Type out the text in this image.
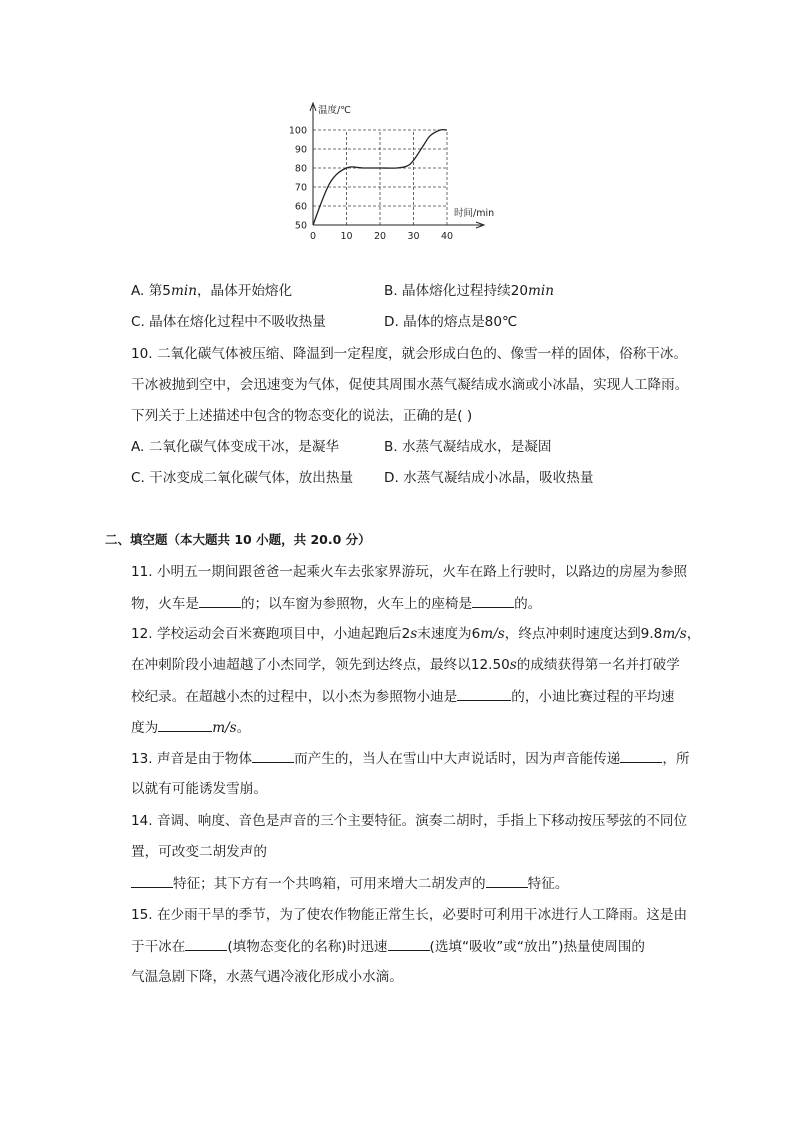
0	10 20 30 40
50
60
70
80
90
100
温度/℃
时间/min
A. 第5min，晶体开始熔化	B. 晶体熔化过程持续20min
C. 晶体在熔化过程中不吸收热量	D. 晶体的熔点是80℃
10. 二氧化碳气体被压缩、降温到一定程度，就会形成白色的、像雪一样的固体，俗称干冰。
干冰被抛到空中，会迅速变为气体，促使其周围水蒸气凝结成水滴或小冰晶，实现人工降雨。
下列关于上述描述中包含的物态变化的说法，正确的是( )
A. 二氧化碳气体变成干冰，是凝华	B. 水蒸气凝结成水，是凝固
C. 干冰变成二氧化碳气体，放出热量 D. 水蒸气凝结成小冰晶，吸收热量
二、填空题（本大题共 10 小题，共 20.0 分）
11. 小明五一期间跟爸爸一起乘火车去张家界游玩，火车在路上行驶时，以路边的房屋为参照
物，火车是	的；以车窗为参照物，火车上的座椅是	的。
12. 学校运动会百米赛跑项目中，小迪起跑后2s末速度为6m/s，终点冲刺时速度达到9.8m/s，
在冲刺阶段小迪超越了小杰同学，领先到达终点，最终以12.50s的成绩获得第一名并打破学
校纪录。在超越小杰的过程中，以小杰为参照物小迪是	的，小迪比赛过程的平均速
度为	m/s。
13. 声音是由于物体	而产生的，当人在雪山中大声说话时，因为声音能传递	，所
以就有可能诱发雪崩。
14. 音调、响度、音色是声音的三个主要特征。演奏二胡时，手指上下移动按压琴弦的不同位
置，可改变二胡发声的
特征；其下方有一个共鸣箱，可用来增大二胡发声的	特征。
15. 在少雨干旱的季节，为了使农作物能正常生长，必要时可利用干冰进行人工降雨。这是由
于干冰在	(填物态变化的名称)时迅速	(选填“吸收”或“放出”)热量使周围的
气温急剧下降，水蒸气遇冷液化形成小水滴。
